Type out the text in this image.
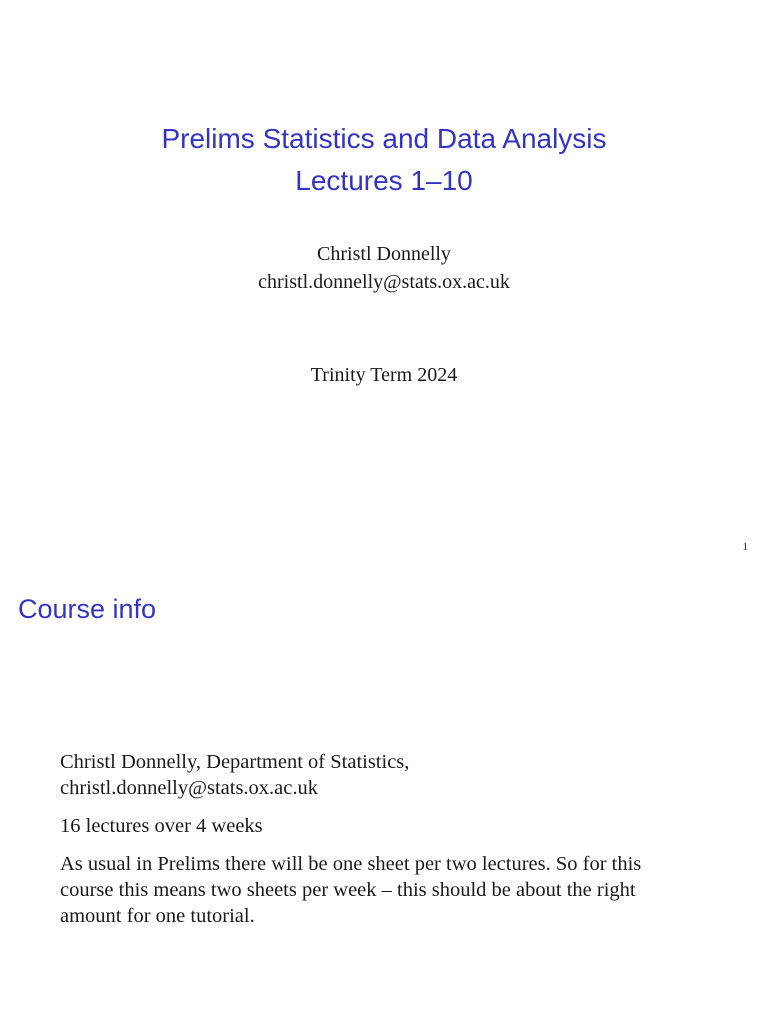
Prelims Statistics and Data Analysis
Lectures 1–10
Christl Donnelly
christl.donnelly@stats.ox.ac.uk
Trinity Term 2024
1
Course info

Christl Donnelly, Department of Statistics,
christl.donnelly@stats.ox.ac.uk

16 lectures over 4 weeks

As usual in Prelims there will be one sheet per two lectures. So for this
course this means two sheets per week – this should be about the right
amount for one tutorial.
